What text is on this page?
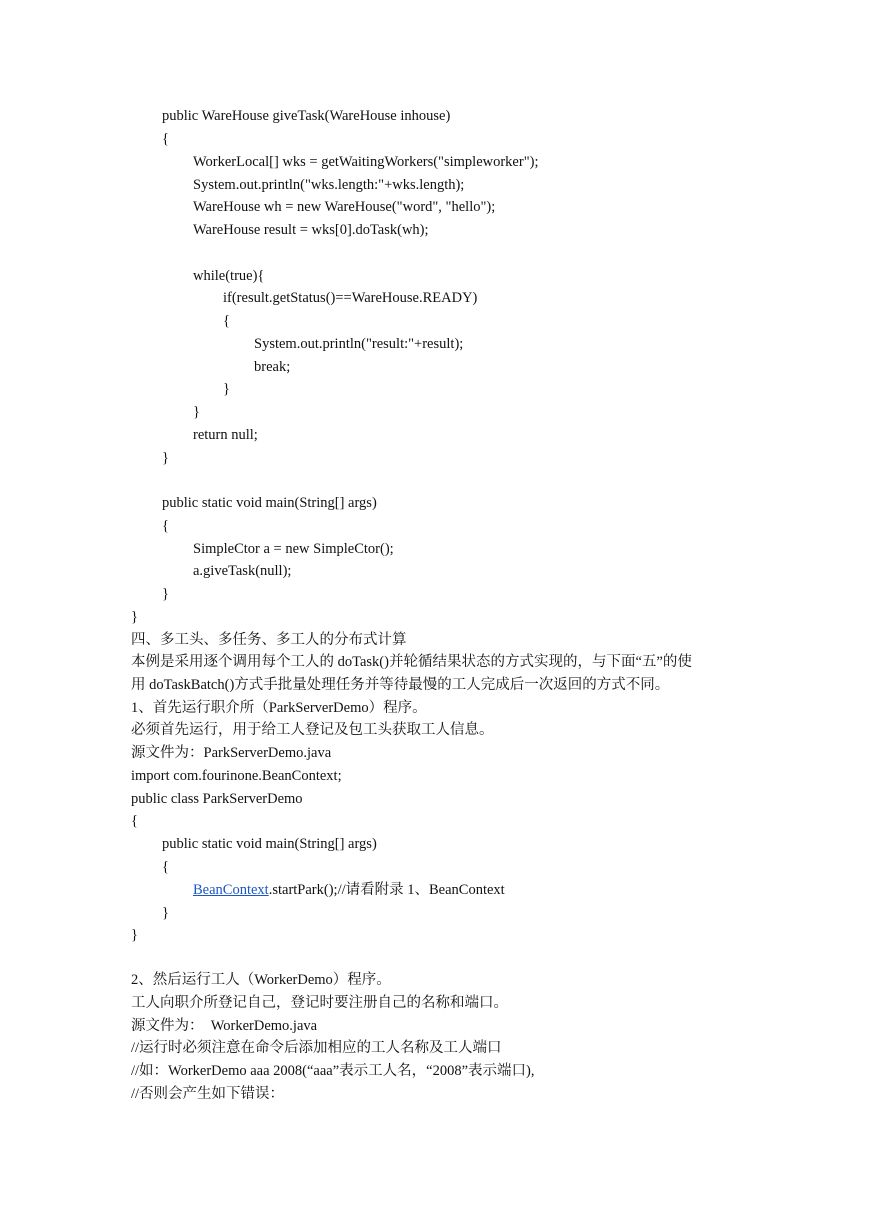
public WareHouse giveTask(WareHouse inhouse)
{
WorkerLocal[] wks = getWaitingWorkers("simpleworker");
System.out.println("wks.length:"+wks.length);
WareHouse wh = new WareHouse("word", "hello");
WareHouse result = wks[0].doTask(wh);
while(true){
if(result.getStatus()==WareHouse.READY)
{
System.out.println("result:"+result);
break;
}
}
return null;
}
public static void main(String[] args)
{
SimpleCtor a = new SimpleCtor();
a.giveTask(null);
}
}
四、多工头、多任务、多工人的分布式计算
本例是采用逐个调用每个工人的 doTask()并轮循结果状态的方式实现的，与下面“五”的使
用 doTaskBatch()方式手批量处理任务并等待最慢的工人完成后一次返回的方式不同。
1、首先运行职介所（ParkServerDemo）程序。
必须首先运行，用于给工人登记及包工头获取工人信息。
源文件为：ParkServerDemo.java
import com.fourinone.BeanContext;
public class ParkServerDemo
{
public static void main(String[] args)
{
BeanContext.startPark();//请看附录 1、BeanContext
}
}
2、然后运行工人（WorkerDemo）程序。
工人向职介所登记自己，登记时要注册自己的名称和端口。
源文件为：  WorkerDemo.java
//运行时必须注意在命令后添加相应的工人名称及工人端口
//如：WorkerDemo aaa 2008(“aaa”表示工人名，“2008”表示端口),
//否则会产生如下错误：
